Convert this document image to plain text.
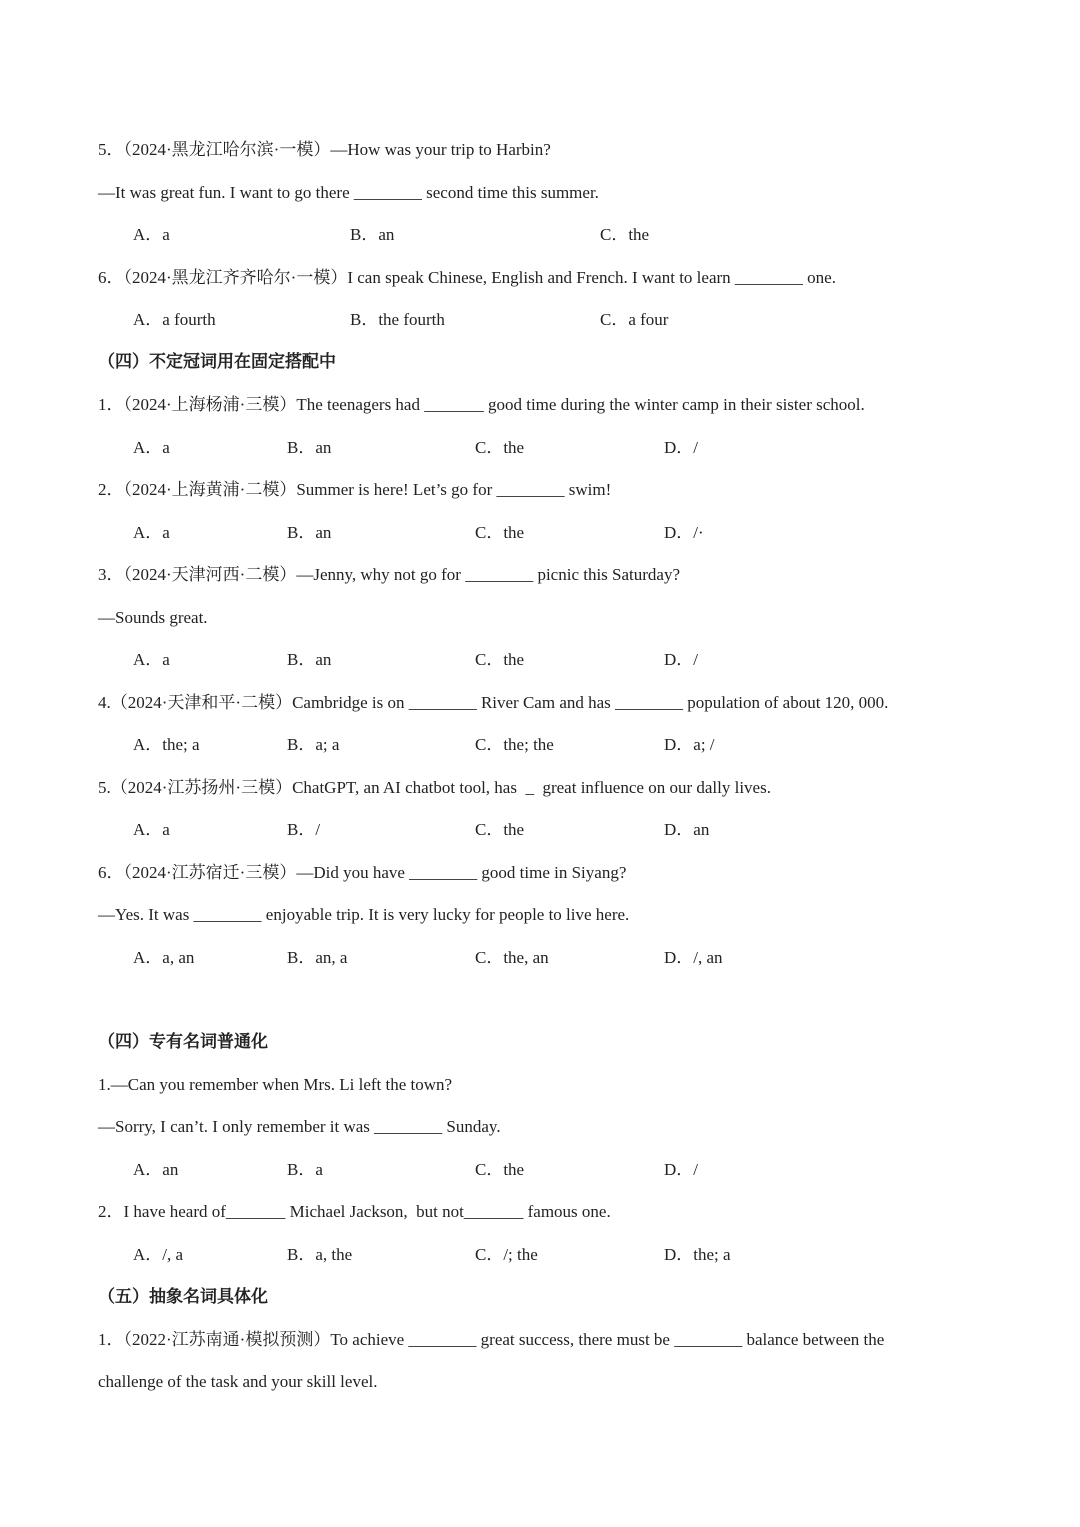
5．（2024·黑龙江哈尔滨·一模）—How was your trip to Harbin?
—It was great fun. I want to go there ________ second time this summer.
A．a	B．an	C．the
6．（2024·黑龙江齐齐哈尔·一模）I can speak Chinese, English and French. I want to learn ________ one.
A．a fourth	B．the fourth	C．a four
（四）不定冠词用在固定搭配中
1．（2024·上海杨浦·三模）The teenagers had _______ good time during the winter camp in their sister school.
A．a	B．an	C．the	D．/
2．（2024·上海黄浦·二模）Summer is here! Let’s go for ________ swim!
A．a	B．an	C．the	D．/·
3．（2024·天津河西·二模）—Jenny, why not go for ________ picnic this Saturday?
—Sounds great.
A．a	B．an	C．the	D．/
4.（2024·天津和平·二模）Cambridge is on ________ River Cam and has ________ population of about 120, 000.
A．the; a	B．a; a	C．the; the	D．a; /
5.（2024·江苏扬州·三模）ChatGPT, an AI chatbot tool, has  _  great influence on our dally lives.
A．a	B．/	C．the	D．an
6．（2024·江苏宿迁·三模）—Did you have ________ good time in Siyang?
—Yes. It was ________ enjoyable trip. It is very lucky for people to live here.
A．a, an	B．an, a	C．the, an	D．/, an
（四）专有名词普通化
1.—Can you remember when Mrs. Li left the town?
—Sorry, I can’t. I only remember it was ________ Sunday.
A．an	B．a	C．the	D．/
2．I have heard of_______ Michael Jackson,  but not_______ famous one.
A．/, a	B．a, the	C．/; the	D．the; a
（五）抽象名词具体化
1．（2022·江苏南通·模拟预测）To achieve ________ great success, there must be ________ balance between the
challenge of the task and your skill level.
